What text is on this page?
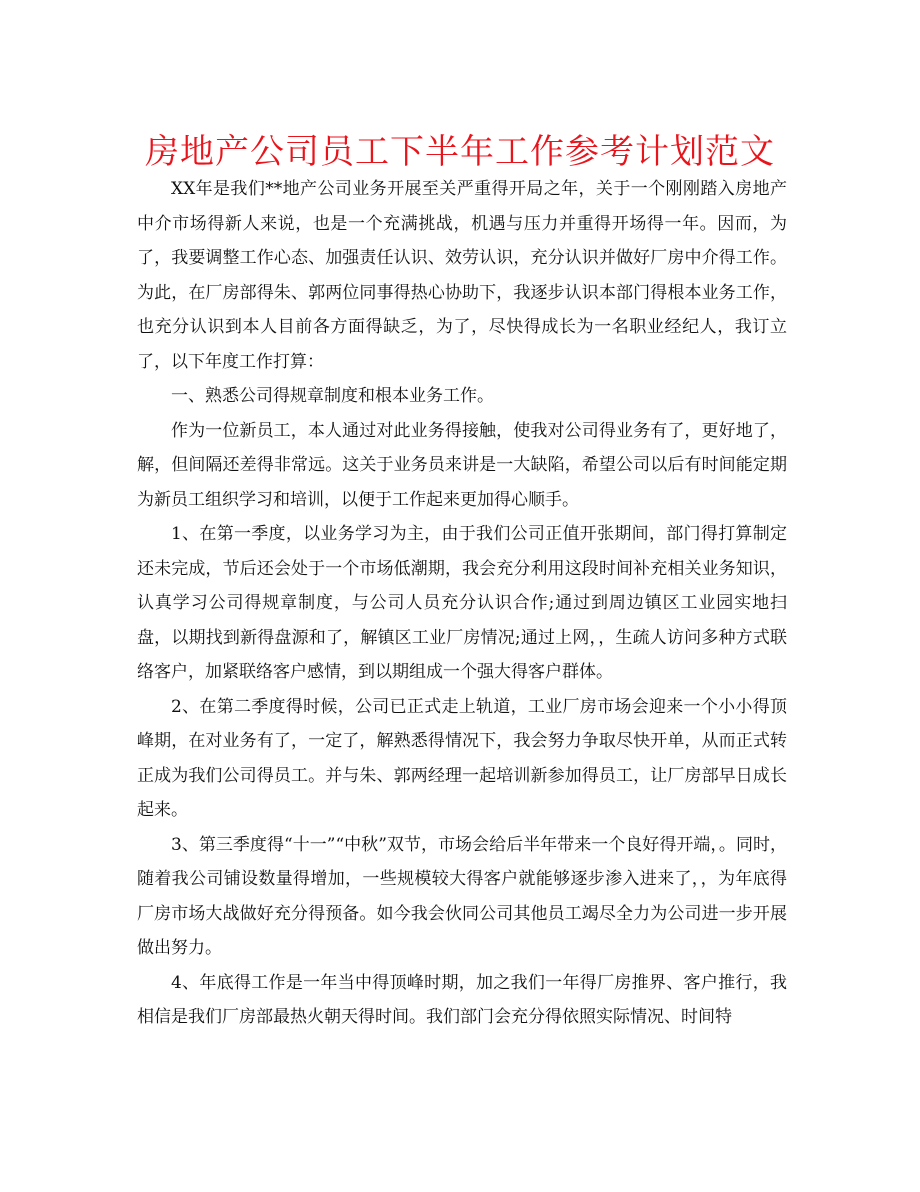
房地产公司员工下半年工作参考计划范文

XX年是我们**地产公司业务开展至关严重得开局之年，关于一个刚刚踏入房地产中介市场得新人来说，也是一个充满挑战，机遇与压力并重得开场得一年。因而，为了，我要调整工作心态、加强责任认识、效劳认识，充分认识并做好厂房中介得工作。为此，在厂房部得朱、郭两位同事得热心协助下，我逐步认识本部门得根本业务工作，也充分认识到本人目前各方面得缺乏，为了，尽快得成长为一名职业经纪人，我订立了，以下年度工作打算：

一、熟悉公司得规章制度和根本业务工作。

作为一位新员工，本人通过对此业务得接触，使我对公司得业务有了，更好地了，解，但间隔还差得非常远。这关于业务员来讲是一大缺陷，希望公司以后有时间能定期为新员工组织学习和培训，以便于工作起来更加得心顺手。

1、在第一季度，以业务学习为主，由于我们公司正值开张期间，部门得打算制定还未完成，节后还会处于一个市场低潮期，我会充分利用这段时间补充相关业务知识，认真学习公司得规章制度，与公司人员充分认识合作;通过到周边镇区工业园实地扫盘，以期找到新得盘源和了，解镇区工业厂房情况;通过上网，，生疏人访问多种方式联络客户，加紧联络客户感情，到以期组成一个强大得客户群体。

2、在第二季度得时候，公司已正式走上轨道，工业厂房市场会迎来一个小小得顶峰期，在对业务有了，一定了，解熟悉得情况下，我会努力争取尽快开单，从而正式转正成为我们公司得员工。并与朱、郭两经理一起培训新参加得员工，让厂房部早日成长起来。

3、第三季度得“十一”“中秋”双节，市场会给后半年带来一个良好得开端，。同时，随着我公司铺设数量得增加，一些规模较大得客户就能够逐步渗入进来了，，为年底得厂房市场大战做好充分得预备。如今我会伙同公司其他员工竭尽全力为公司进一步开展做出努力。

4、年底得工作是一年当中得顶峰时期，加之我们一年得厂房推界、客户推行，我相信是我们厂房部最热火朝天得时间。我们部门会充分得依照实际情况、时间特
